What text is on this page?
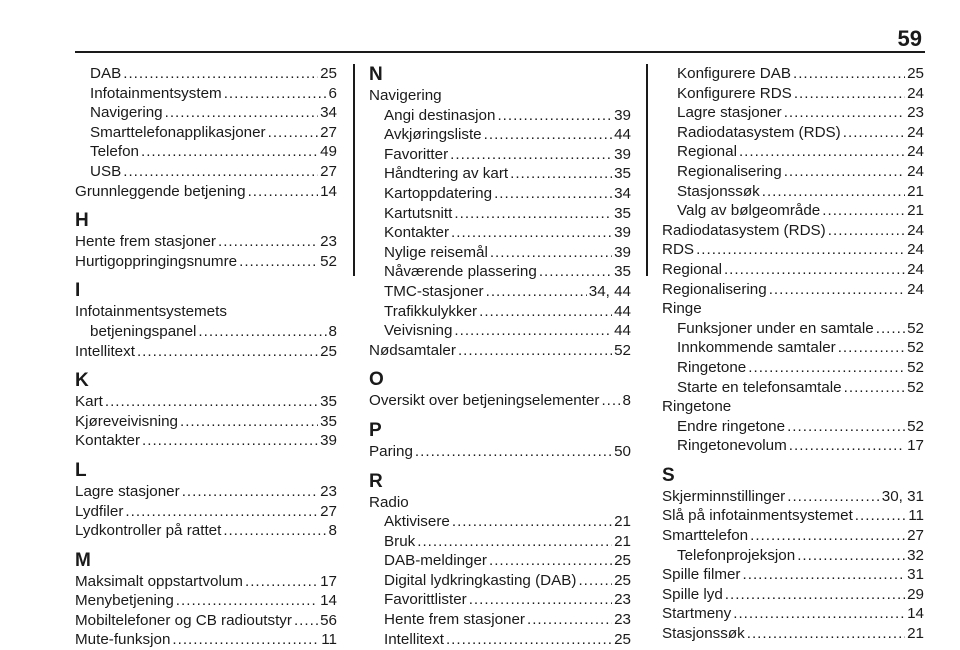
59
DAB .....	25
Infotainmentsystem .....	6
Navigering .....	34
Smarttelefonapplikasjoner .....	27
Telefon .....	49
USB .....	27
Grunnleggende betjening .....	14
H
Hente frem stasjoner .....	23
Hurtigoppringingsnumre .....	52
I
Infotainmentsystemets
betjeningspanel .....	8
Intellitext .....	25
K
Kart .....	35
Kjøreveivisning .....	35
Kontakter .....	39
L
Lagre stasjoner .....	23
Lydfiler .....	27
Lydkontroller på rattet .....	8
M
Maksimalt oppstartvolum .....	17
Menybetjening .....	14
Mobiltelefoner og CB radioutstyr ..... 56
Mute-funksjon .....	11
N
Navigering
Angi destinasjon .....	39
Avkjøringsliste .....	44
Favoritter .....	39
Håndtering av kart .....	35
Kartoppdatering .....	34
Kartutsnitt .....	35
Kontakter .....	39
Nylige reisemål .....	39
Nåværende plassering .....	35
TMC-stasjoner .....	34, 44
Trafikkulykker .....	44
Veivisning .....	44
Nødsamtaler .....	52
O
Oversikt over betjeningselementer ..... 8
P
Paring .....	50
R
Radio
Aktivisere .....	21
Bruk .....	21
DAB-meldinger .....	25
Digital lydkringkasting (DAB) ..... 25
Favorittlister .....	23
Hente frem stasjoner .....	23
Intellitext .....	25
Konfigurere DAB .....	25
Konfigurere RDS .....	24
Lagre stasjoner .....	23
Radiodatasystem (RDS) .....	24
Regional .....	24
Regionalisering .....	24
Stasjonssøk .....	21
Valg av bølgeområde .....	21
Radiodatasystem (RDS) .....	24
RDS .....	24
Regional .....	24
Regionalisering .....	24
Ringe
Funksjoner under en samtale ..... 52
Innkommende samtaler .....	52
Ringetone .....	52
Starte en telefonsamtale .....	52
Ringetone
Endre ringetone .....	52
Ringetonevolum .....	17
S
Skjerminnstillinger .....	30, 31
Slå på infotainmentsystemet .....	11
Smarttelefon .....	27
Telefonprojeksjon .....	32
Spille filmer .....	31
Spille lyd .....	29
Startmeny .....	14
Stasjonssøk .....	21
